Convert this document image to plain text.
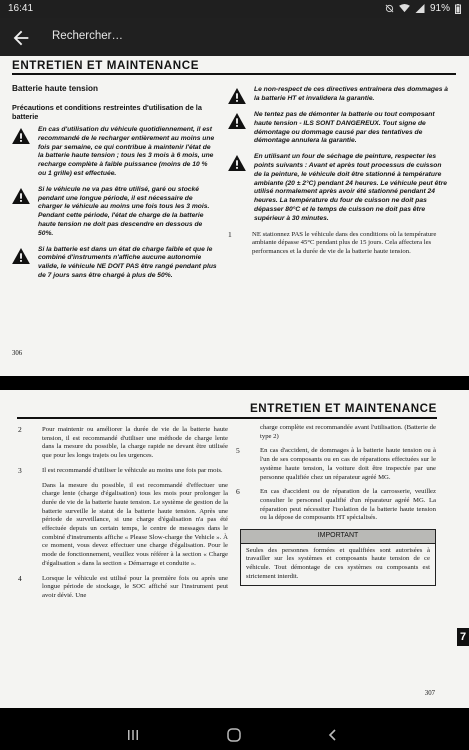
16:41	91%
Rechercher…
ENTRETIEN ET MAINTENANCE
Batterie haute tension
Précautions et conditions restreintes d'utilisation de la batterie
En cas d'utilisation du véhicule quotidiennement, il est recommandé de le recharger entièrement au moins une fois par semaine, ce qui contribue à maintenir l'état de la batterie haute tension ; tous les 3 mois à 6 mois, une recharge complète à faible puissance (moins de 10 % ou 1 grille) est effectuée.
Si le véhicule ne va pas être utilisé, garé ou stocké pendant une longue période, il est nécessaire de charger le véhicule au moins une fois tous les 3 mois. Pendant cette période, l'état de charge de la batterie haute tension ne doit pas descendre en dessous de 50%.
Si la batterie est dans un état de charge faible et que le combiné d'instruments n'affiche aucune autonomie valide, le véhicule NE DOIT PAS être rangé pendant plus de 7 jours sans être chargé à plus de 50%.
Le non-respect de ces directives entraînera des dommages à la batterie HT et invalidera la garantie.
Ne tentez pas de démonter la batterie ou tout composant haute tension - ILS SONT DANGEREUX. Tout signe de démontage ou dommage causé par des tentatives de démontage annulera la garantie.
En utilisant un four de séchage de peinture, respecter les points suivants : Avant et après tout processus de cuisson de la peinture, le véhicule doit être stationné à température ambiante (20 ± 2°C) pendant 24 heures. Le véhicule peut être utilisé normalement après avoir été stationné pendant 24 heures. La température du four de cuisson ne doit pas dépasser 80°C et le temps de cuisson ne doit pas être supérieur à 30 minutes.
1	NE stationnez PAS le véhicule dans des conditions où la température ambiante dépasse 45°C pendant plus de 15 jours. Cela affectera les performances et la durée de vie de la batterie haute tension.
306
ENTRETIEN ET MAINTENANCE
2	Pour maintenir ou améliorer la durée de vie de la batterie haute tension, il est recommandé d'utiliser une méthode de charge lente dans la mesure du possible, la charge rapide ne devant être utilisée que pour les longs trajets ou les urgences.
3	Il est recommandé d'utiliser le véhicule au moins une fois par mois.
Dans la mesure du possible, il est recommandé d'effectuer une charge lente (charge d'égalisation) tous les mois pour prolonger la durée de vie de la batterie haute tension. Le système de gestion de la batterie surveille le statut de la batterie haute tension. Après une période de surveillance, si une charge d'égalisation n'a pas été effectuée depuis un certain temps, le centre de messages dans le combiné d'instruments affiche « Please Slow-charge the Vehicle ». À ce moment, vous devez effectuer une charge d'égalisation. Pour le mode de fonctionnement, veuillez vous référer à la section « Charge d'égalisation » dans la section « Démarrage et conduite ».
4	Lorsque le véhicule est utilisé pour la première fois ou après une longue période de stockage, le SOC affiché sur l'instrument peut avoir dévié. Une
charge complète est recommandée avant l'utilisation. (Batterie de type 2)
5	En cas d'accident, de dommages à la batterie haute tension ou à l'un de ses composants ou en cas de réparations effectuées sur le système haute tension, la voiture doit être inspectée par une personne qualifiée chez un réparateur agréé MG.
6	En cas d'accident ou de réparation de la carrosserie, veuillez consulter le personnel qualifié d'un réparateur agréé MG. La réparation peut nécessiter l'isolation de la batterie haute tension ou la dépose de composants HT spécialisés.
IMPORTANT
Seules des personnes formées et qualifiées sont autorisées à travailler sur les systèmes et composants haute tension de ce véhicule. Tout démontage de ces systèmes ou composants est strictement interdit.
7
307
